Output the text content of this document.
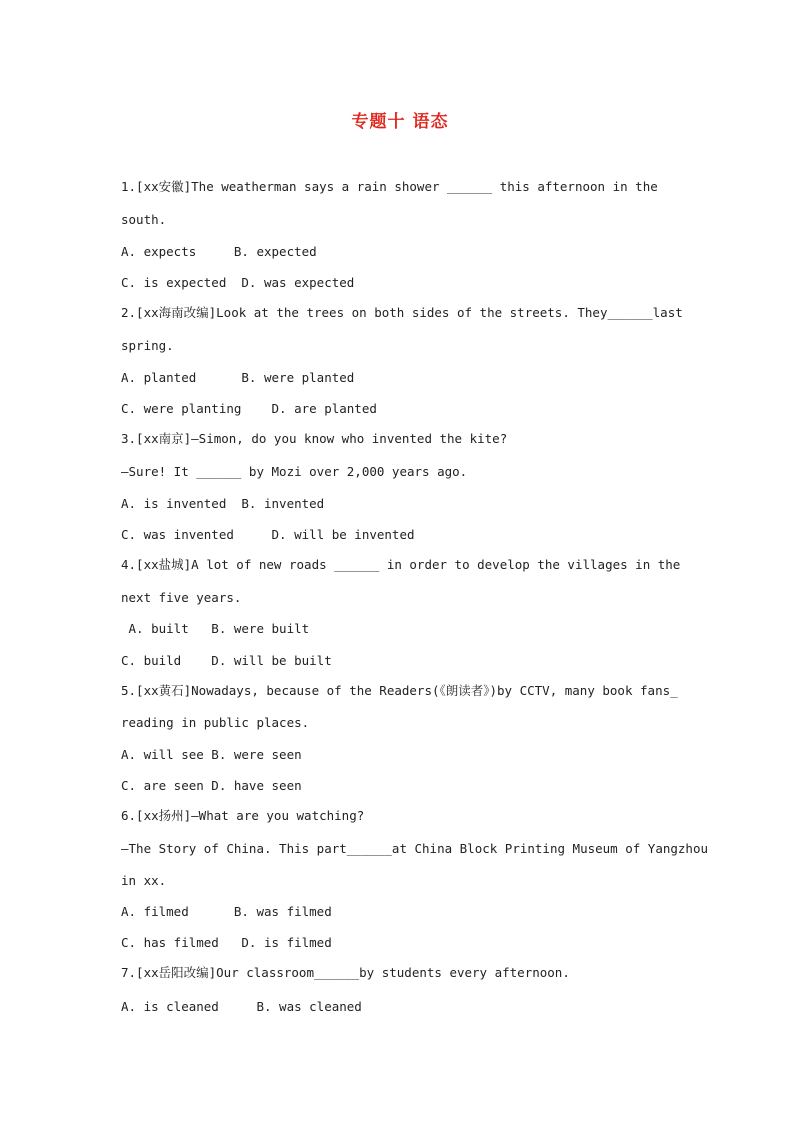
专题十 语态
1.[xx安徽]The weatherman says a rain shower ______ this afternoon in the
south.
A. expects     B. expected
C. is expected  D. was expected
2.[xx海南改编]Look at the trees on both sides of the streets. They______last
spring.
A. planted      B. were planted
C. were planting    D. are planted
3.[xx南京]—Simon, do you know who invented the kite?
—Sure! It ______ by Mozi over 2,000 years ago.
A. is invented  B. invented
C. was invented     D. will be invented
4.[xx盐城]A lot of new roads ______ in order to develop the villages in the
next five years.
A. built   B. were built
C. build    D. will be built
5.[xx黄石]Nowadays, because of the Readers(《朗读者》)by CCTV, many book fans_
reading in public places.
A. will see B. were seen
C. are seen D. have seen
6.[xx扬州]—What are you watching?
—The Story of China. This part______at China Block Printing Museum of Yangzhou
in xx.
A. filmed      B. was filmed
C. has filmed   D. is filmed
7.[xx岳阳改编]Our classroom______by students every afternoon.
A. is cleaned     B. was cleaned
